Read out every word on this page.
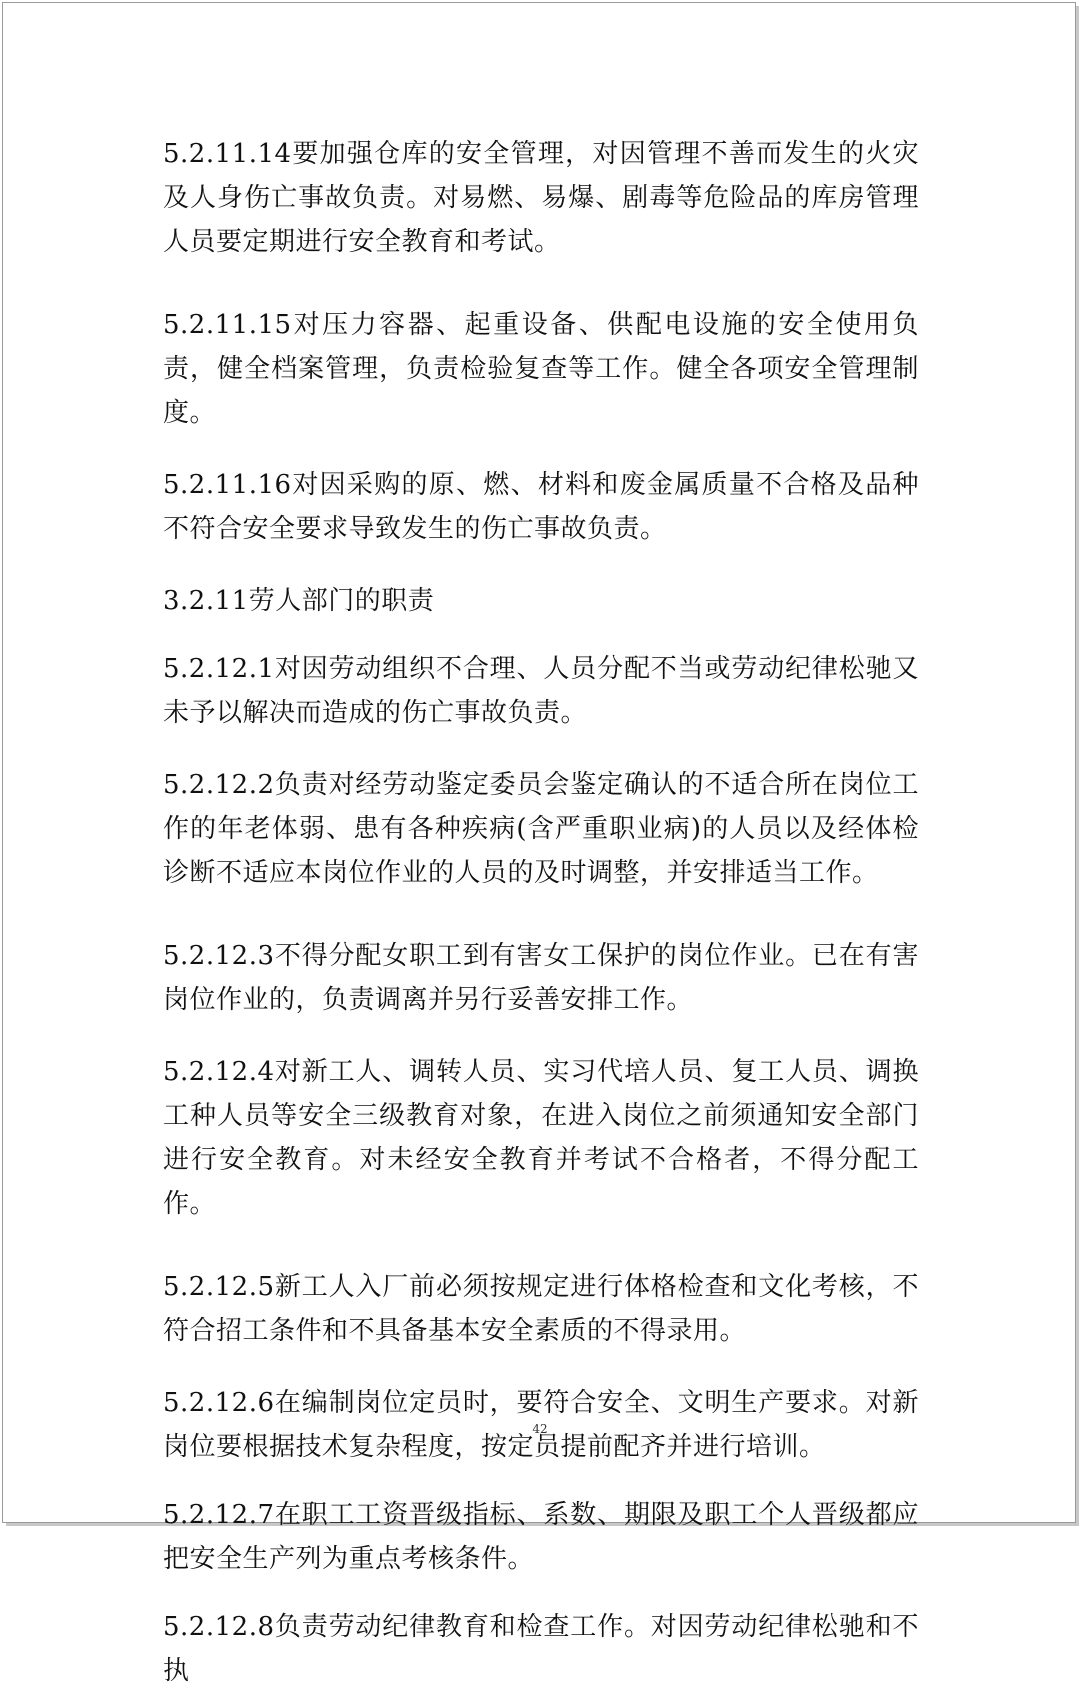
5.2.11.14要加强仓库的安全管理，对因管理不善而发生的火灾及人身伤亡事故负责。对易燃、易爆、剧毒等危险品的库房管理人员要定期进行安全教育和考试。

5.2.11.15对压力容器、起重设备、供配电设施的安全使用负责，健全档案管理，负责检验复查等工作。健全各项安全管理制度。

5.2.11.16对因采购的原、燃、材料和废金属质量不合格及品种不符合安全要求导致发生的伤亡事故负责。

3.2.11劳人部门的职责

5.2.12.1对因劳动组织不合理、人员分配不当或劳动纪律松驰又未予以解决而造成的伤亡事故负责。

5.2.12.2负责对经劳动鉴定委员会鉴定确认的不适合所在岗位工作的年老体弱、患有各种疾病(含严重职业病)的人员以及经体检诊断不适应本岗位作业的人员的及时调整，并安排适当工作。

5.2.12.3不得分配女职工到有害女工保护的岗位作业。已在有害岗位作业的，负责调离并另行妥善安排工作。

5.2.12.4对新工人、调转人员、实习代培人员、复工人员、调换工种人员等安全三级教育对象，在进入岗位之前须通知安全部门进行安全教育。对未经安全教育并考试不合格者，不得分配工作。

5.2.12.5新工人入厂前必须按规定进行体格检查和文化考核，不符合招工条件和不具备基本安全素质的不得录用。

5.2.12.6在编制岗位定员时，要符合安全、文明生产要求。对新岗位要根据技术复杂程度，按定员提前配齐并进行培训。

5.2.12.7在职工工资晋级指标、系数、期限及职工个人晋级都应把安全生产列为重点考核条件。

5.2.12.8负责劳动纪律教育和检查工作。对因劳动纪律松驰和不执

42
